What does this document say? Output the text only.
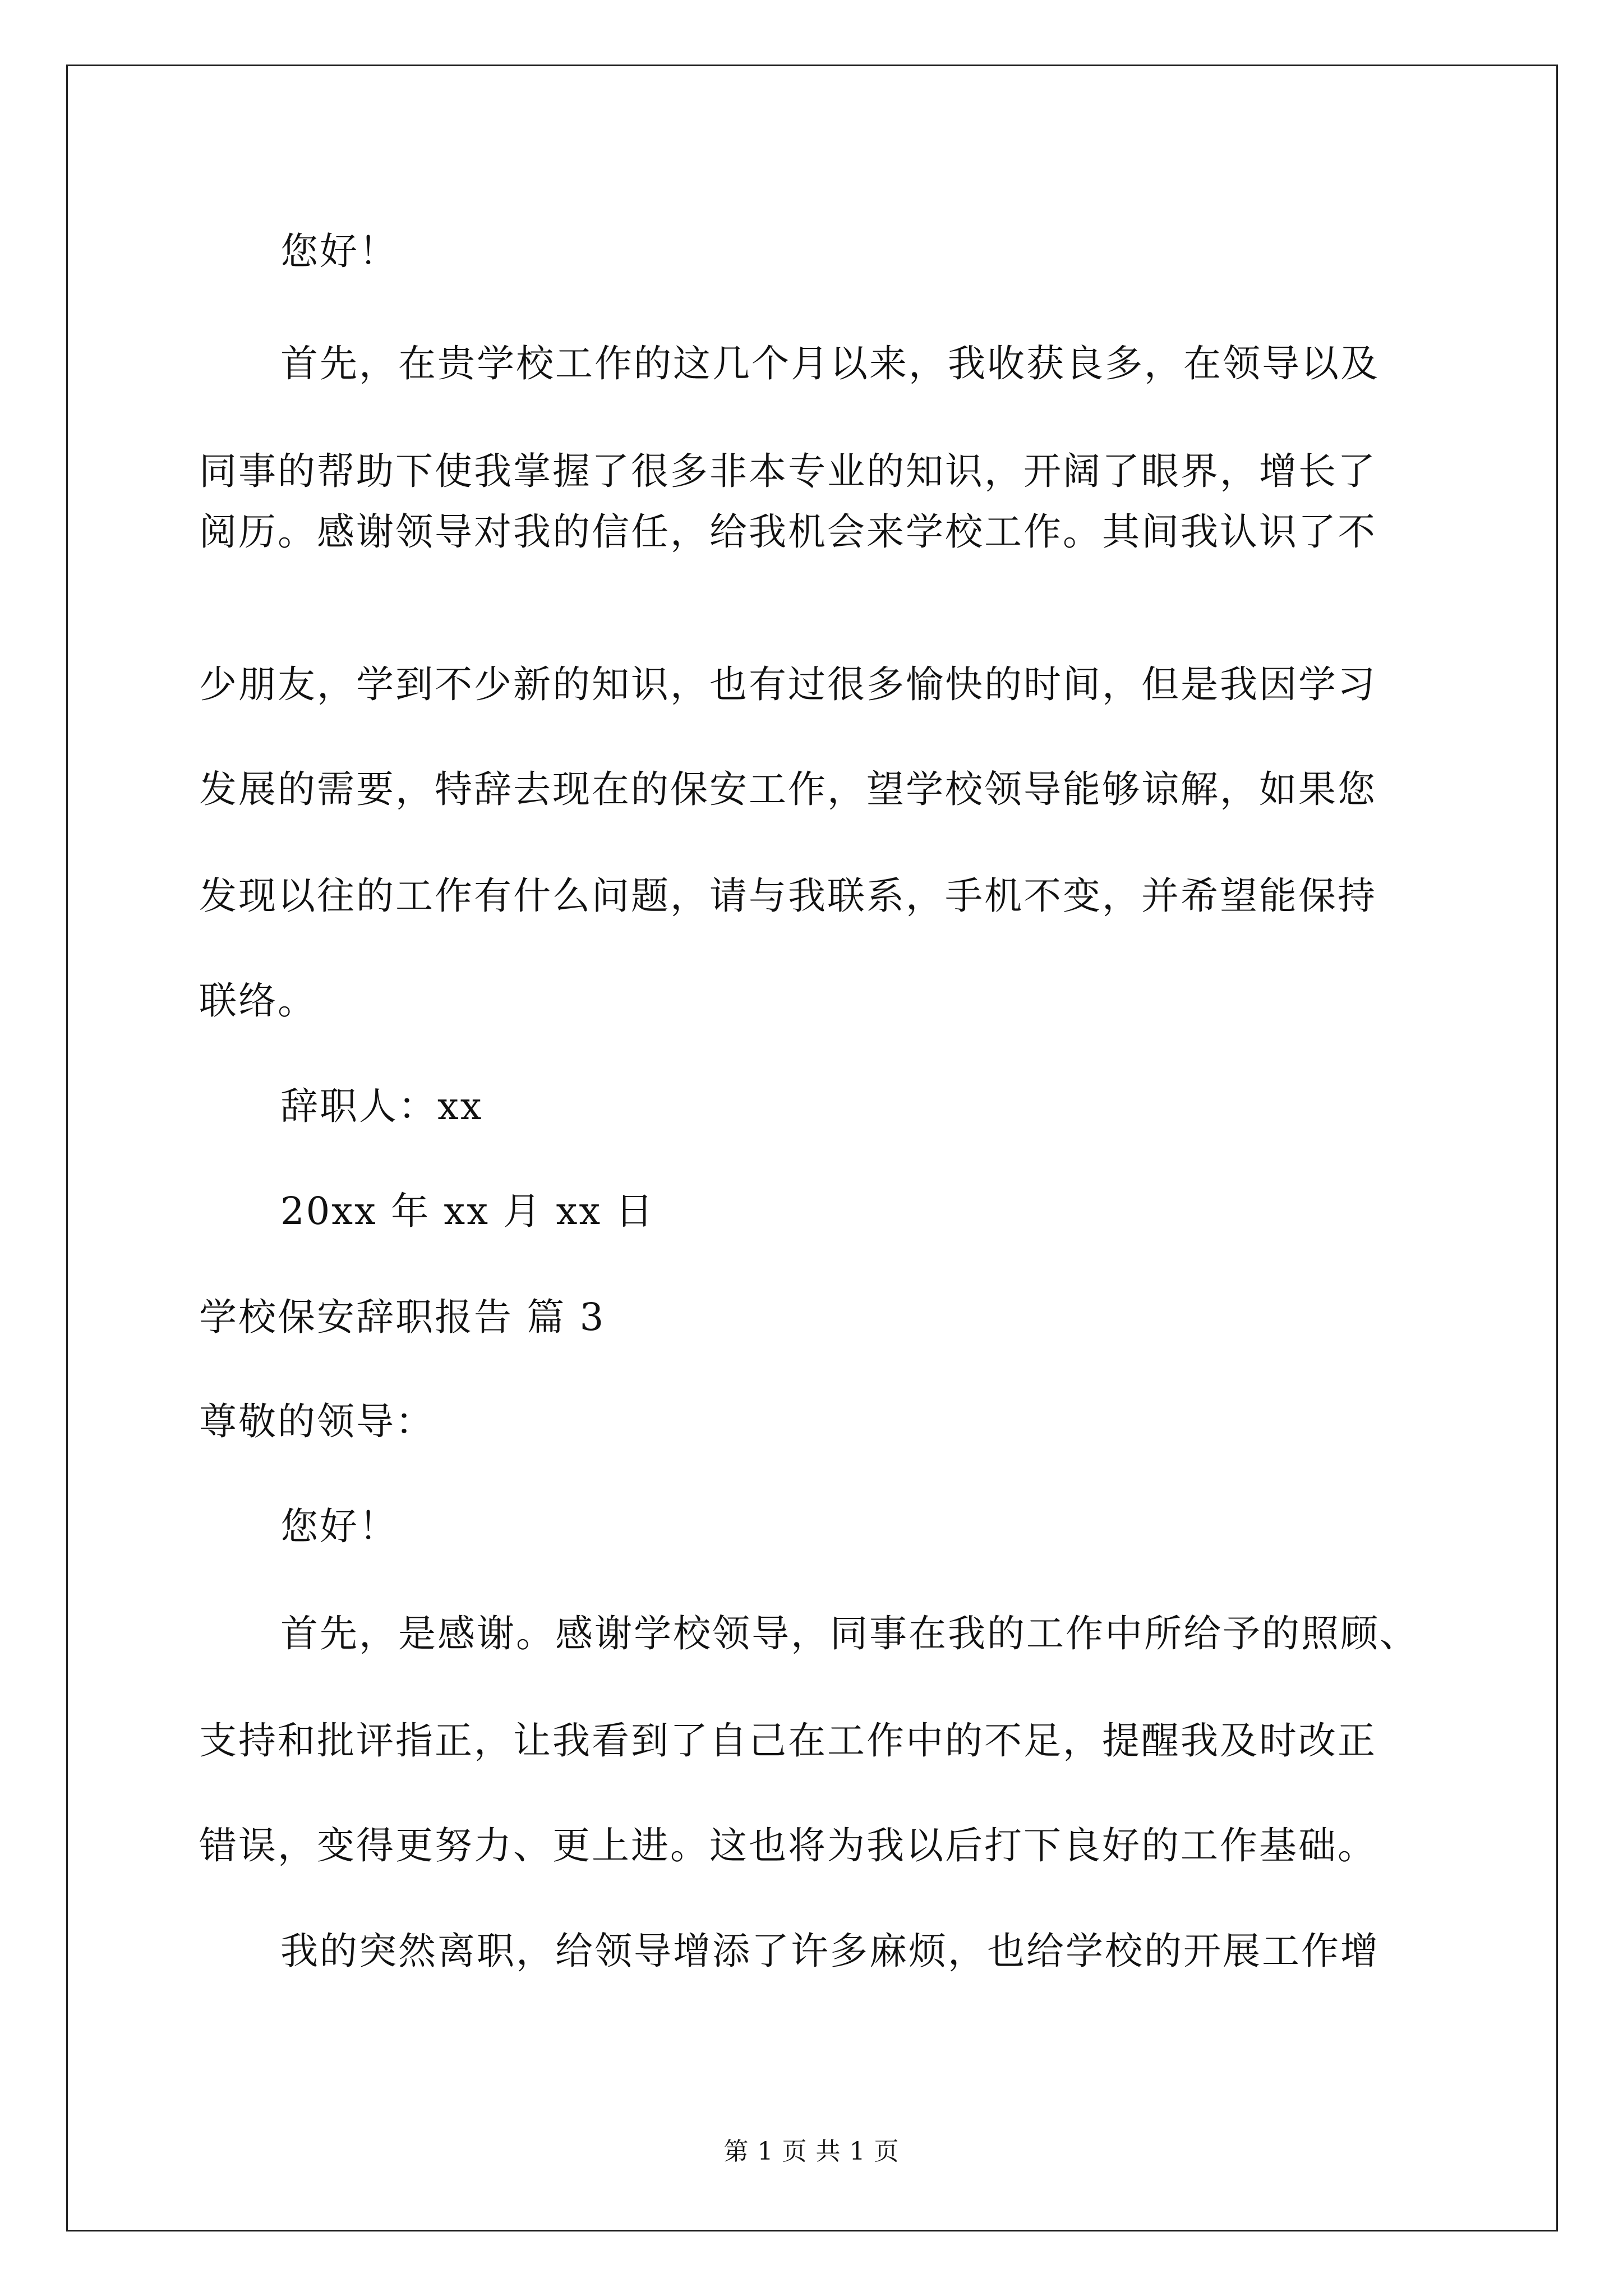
您好！
首先，在贵学校工作的这几个月以来，我收获良多，在领导以及
同事的帮助下使我掌握了很多非本专业的知识，开阔了眼界，增长了
阅历。感谢领导对我的信任，给我机会来学校工作。其间我认识了不
少朋友，学到不少新的知识，也有过很多愉快的时间，但是我因学习
发展的需要，特辞去现在的保安工作，望学校领导能够谅解，如果您
发现以往的工作有什么问题，请与我联系，手机不变，并希望能保持
联络。
辞职人：xx
20xx 年 xx 月 xx 日
学校保安辞职报告 篇 3
尊敬的领导：
您好！
首先，是感谢。感谢学校领导，同事在我的工作中所给予的照顾、
支持和批评指正，让我看到了自己在工作中的不足，提醒我及时改正
错误，变得更努力、更上进。这也将为我以后打下良好的工作基础。
我的突然离职，给领导增添了许多麻烦，也给学校的开展工作增
第 1 页 共 1 页
